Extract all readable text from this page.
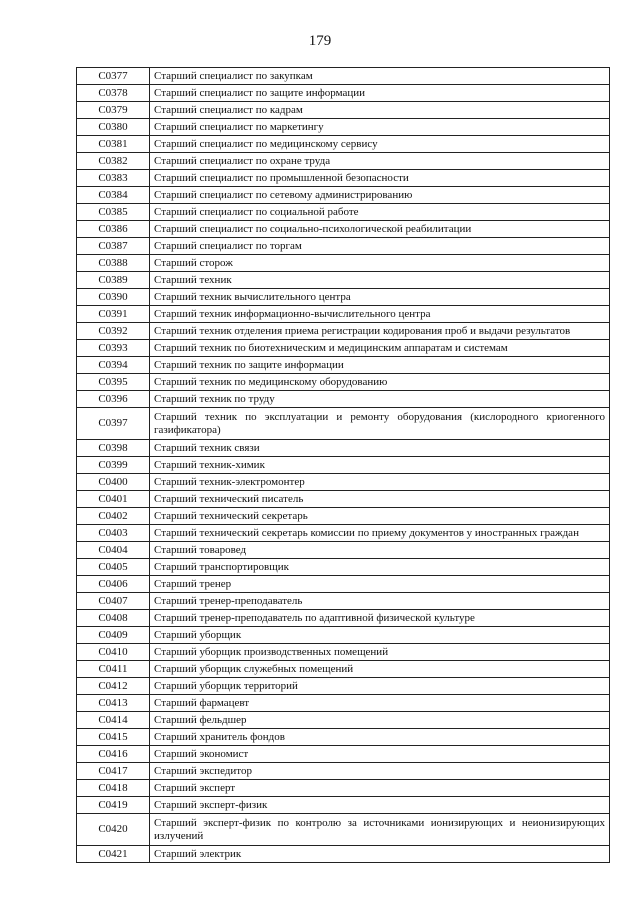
179
C0377	Старший специалист по закупкам
C0378	Старший специалист по защите информации
C0379	Старший специалист по кадрам
C0380	Старший специалист по маркетингу
C0381	Старший специалист по медицинскому сервису
C0382	Старший специалист по охране труда
C0383	Старший специалист по промышленной безопасности
C0384	Старший специалист по сетевому администрированию
C0385	Старший специалист по социальной работе
C0386	Старший специалист по социально-психологической реабилитации
C0387	Старший специалист по торгам
C0388	Старший сторож
C0389	Старший техник
C0390	Старший техник вычислительного центра
C0391	Старший техник информационно-вычислительного центра
C0392	Старший техник отделения приема регистрации кодирования проб и выдачи результатов
C0393	Старший техник по биотехническим и медицинским аппаратам и системам
C0394	Старший техник по защите информации
C0395	Старший техник по медицинскому оборудованию
C0396	Старший техник по труду
C0397	Старший техник по эксплуатации и ремонту оборудования (кислородного криогенного газификатора)
C0398	Старший техник связи
C0399	Старший техник-химик
C0400	Старший техник-электромонтер
C0401	Старший технический писатель
C0402	Старший технический секретарь
C0403	Старший технический секретарь комиссии по приему документов у иностранных граждан
C0404	Старший товаровед
C0405	Старший транспортировщик
C0406	Старший тренер
C0407	Старший тренер-преподаватель
C0408	Старший тренер-преподаватель по адаптивной физической культуре
C0409	Старший уборщик
C0410	Старший уборщик производственных помещений
C0411	Старший уборщик служебных помещений
C0412	Старший уборщик территорий
C0413	Старший фармацевт
C0414	Старший фельдшер
C0415	Старший хранитель фондов
C0416	Старший экономист
C0417	Старший экспедитор
C0418	Старший эксперт
C0419	Старший эксперт-физик
C0420	Старший эксперт-физик по контролю за источниками ионизирующих и неионизирующих излучений
C0421	Старший электрик
